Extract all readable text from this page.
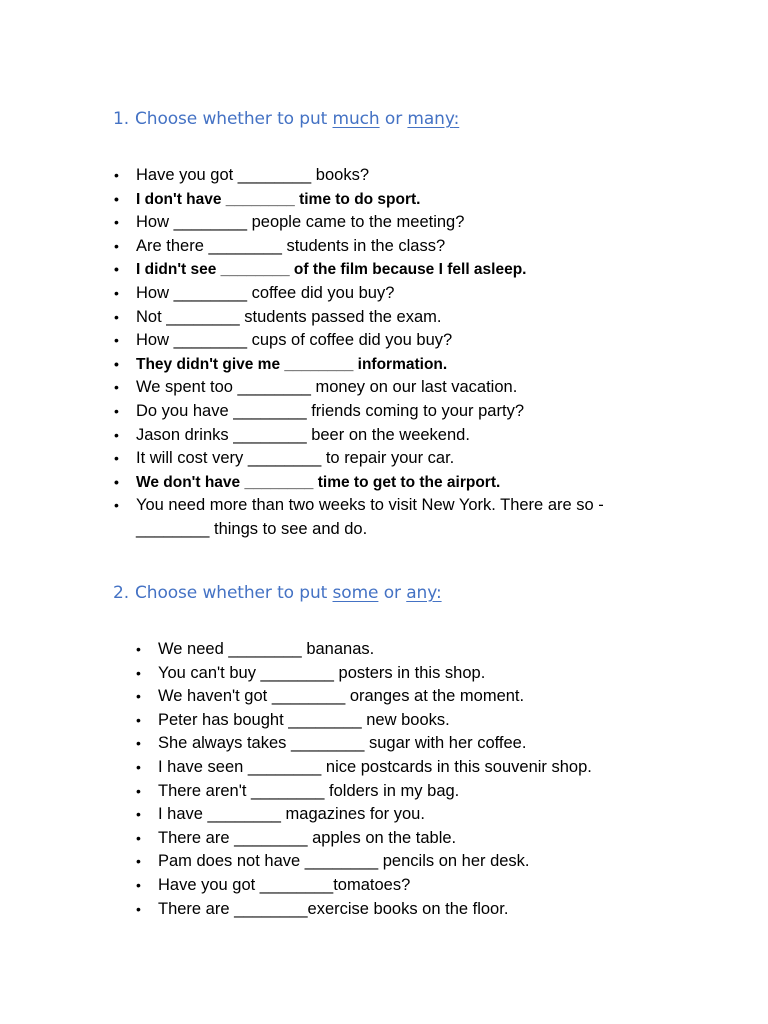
1. Choose whether to put much or many:
• Have you got ________ books?
• I don't have ________ time to do sport.
• How ________ people came to the meeting?
• Are there ________ students in the class?
• I didn't see ________ of the film because I fell asleep.
• How ________ coffee did you buy?
• Not ________ students passed the exam.
• How ________ cups of coffee did you buy?
• They didn't give me ________ information.
• We spent too ________ money on our last vacation.
• Do you have ________ friends coming to your party?
• Jason drinks ________ beer on the weekend.
• It will cost very ________ to repair your car.
• We don't have ________ time to get to the airport.
• You need more than two weeks to visit New York. There are so -
________ things to see and do.
2. Choose whether to put some or any:
• We need ________ bananas.
• You can't buy ________ posters in this shop.
• We haven't got ________ oranges at the moment.
• Peter has bought ________ new books.
• She always takes ________ sugar with her coffee.
• I have seen ________ nice postcards in this souvenir shop.
• There aren't ________ folders in my bag.
• I have ________ magazines for you.
• There are ________ apples on the table.
• Pam does not have ________ pencils on her desk.
• Have you got ________tomatoes?
• There are ________exercise books on the floor.
